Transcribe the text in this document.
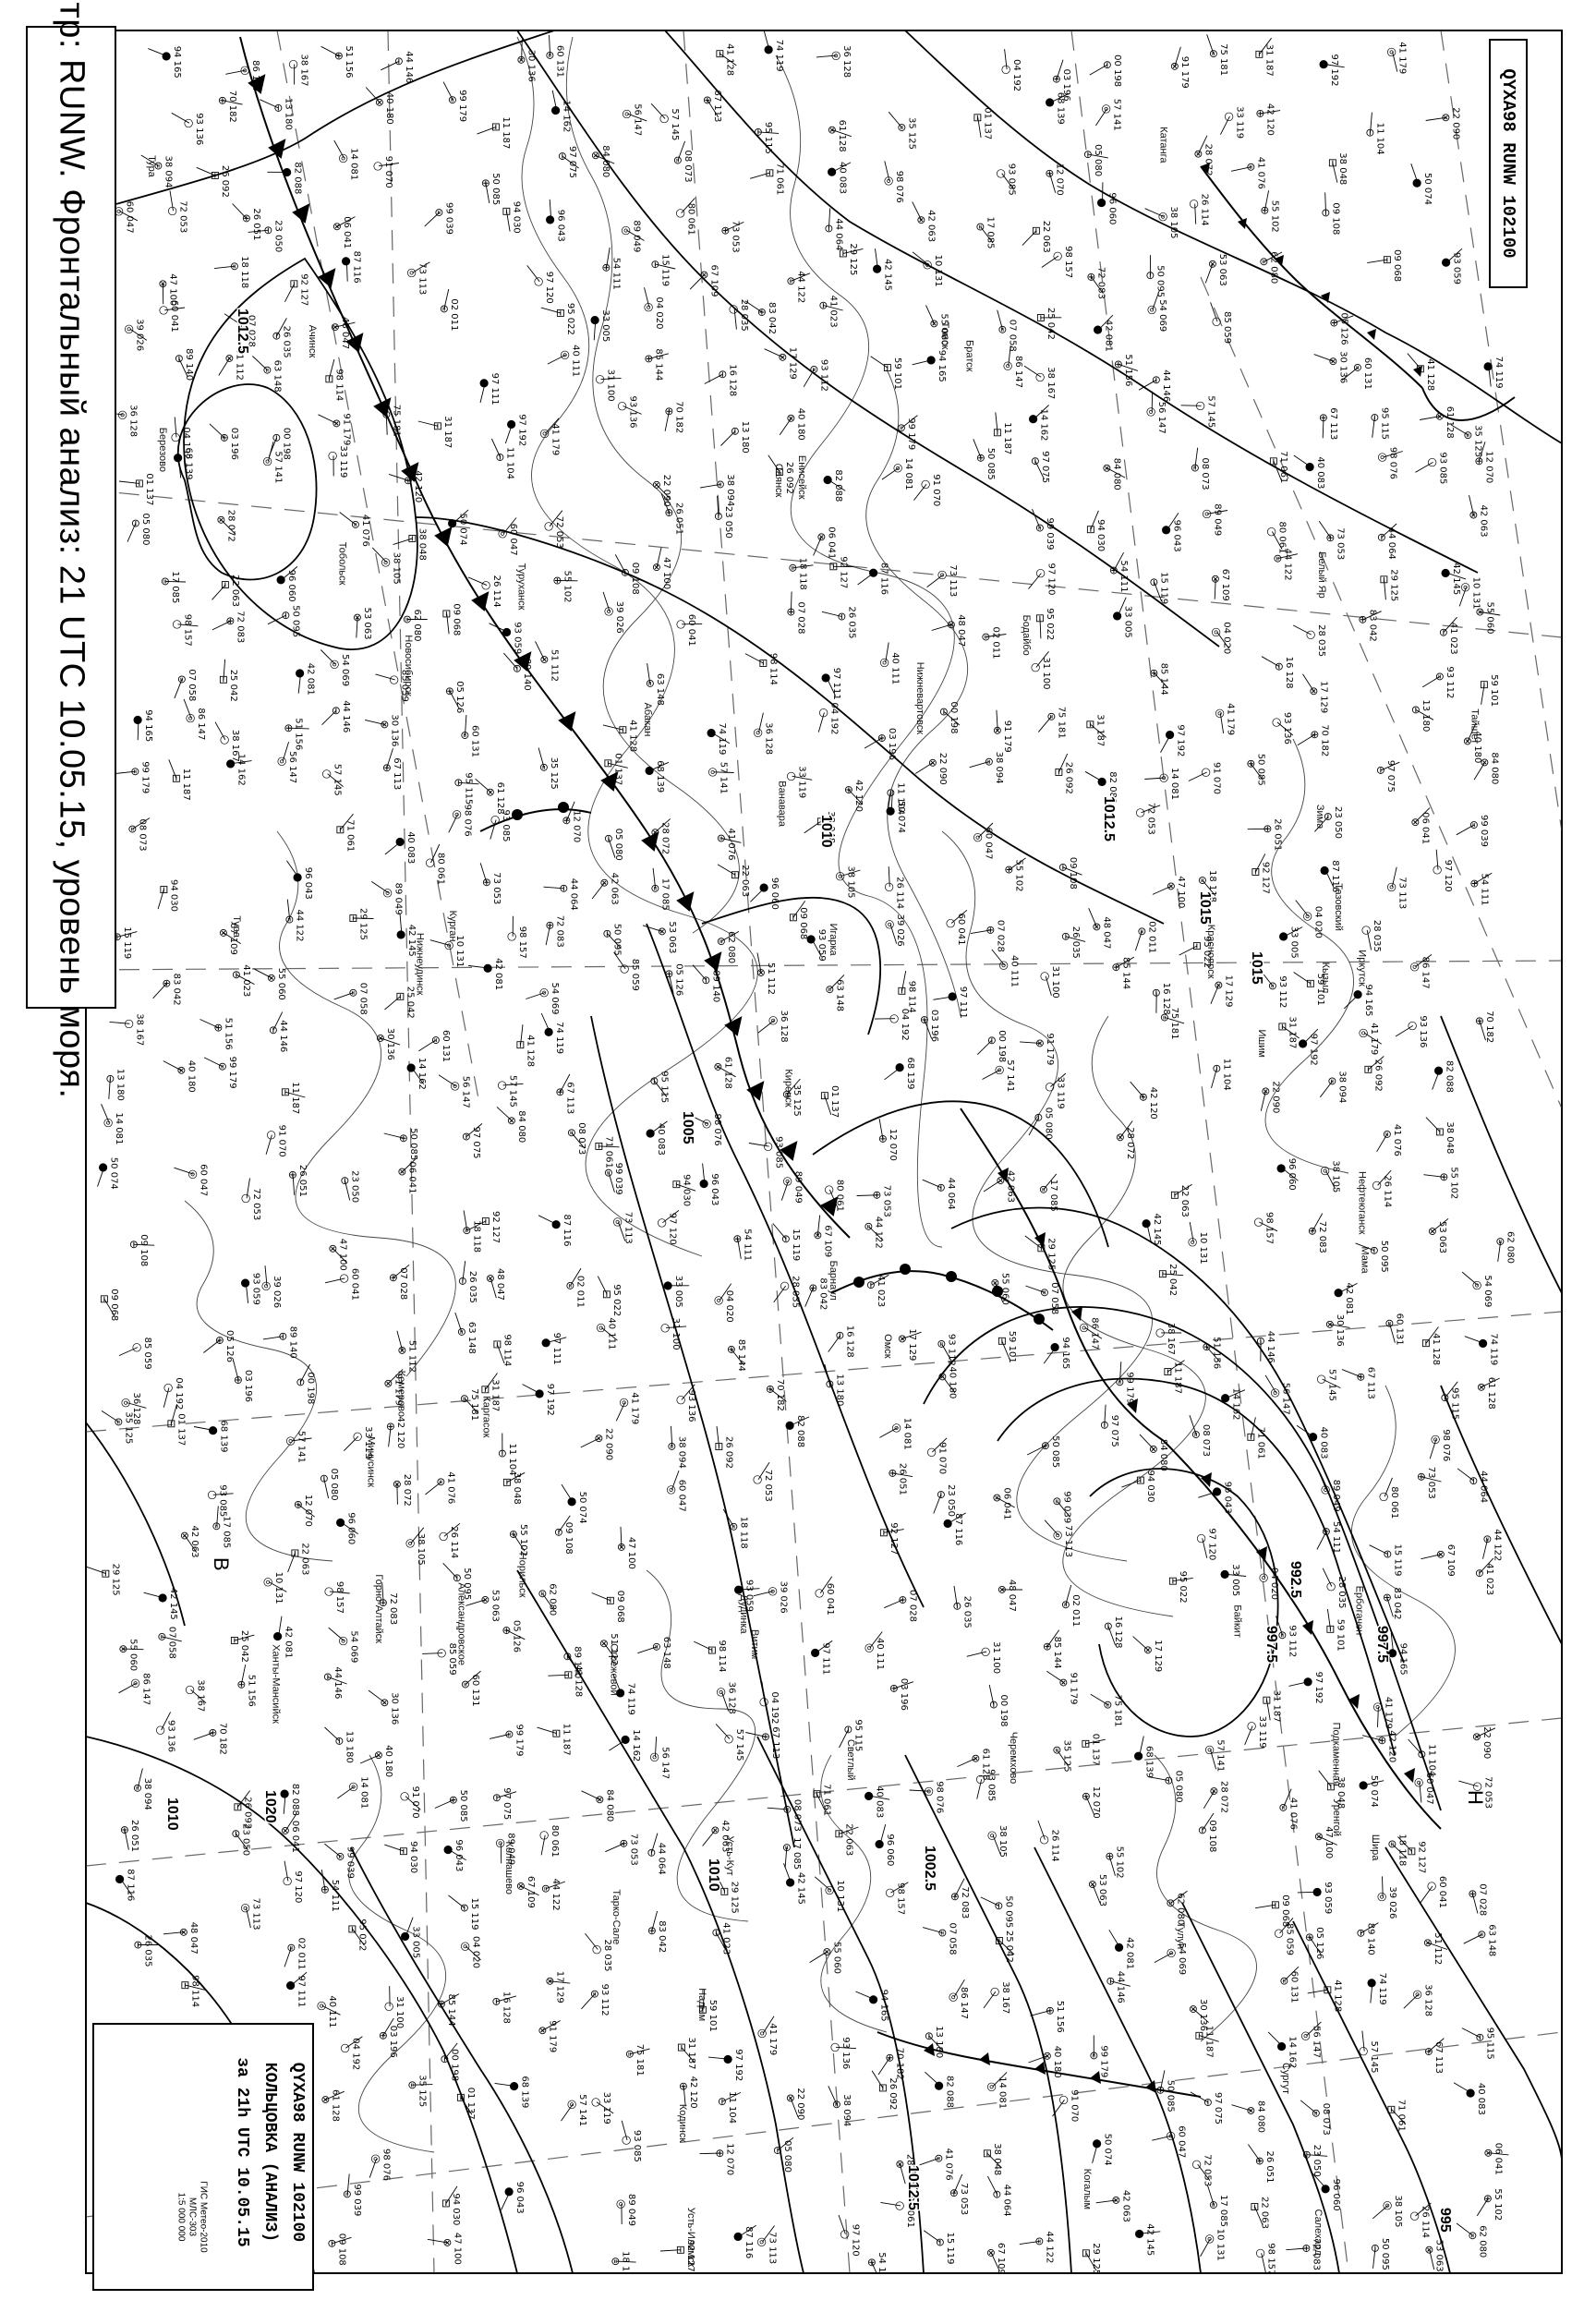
94 165
●
86 147
◎	38 167
○	51 156
⊕	44 146
⊖	30 136
⊗	60 131
⊜	41 128
⊟	74 119
●	36 128
◎
04 192
○	03 196
⊕	00 198
⊖	91 179
⊗	75 181
⊜	31 187
⊟	97 192
●	41 179
◎
93 136
○
70 182
⊕	13 180
⊖	40 180
⊗	99 179
⊜
11 187
⊟	14 162
●	56 147
◎	57 145
○	67 113
⊕
95 115
⊖	61 128
⊗	35 125
⊜	01 137
⊟	68 139
●	57 141
◎	33 119
○	42 120
⊕
11 104
⊖	22 090
⊗
38 094
⊜	26 092
⊟	82 088
●	14 081
◎	91 070
○
50 085
⊕
97 075
⊖	84 080
⊗	08 073
⊜
71 061
⊟	40 083
●	98 076
◎	93 085
○	12 070
⊕	05 080
⊖	28 072
⊗
41 076
⊜	38 048
⊟
50 074
●
60 047
◎	72 053
○	26 051
⊕
23 050
⊖	06 041
⊗	99 039
⊜	94 030
⊟	96 043
●
◎	80 061
○
73 053
⊕	44 064
⊖	42 063
⊗	17 085
⊜	22 063
⊟
96 060
●
38 105
◎	26 114
○	55 102
⊕	09 108
⊖
47 100
⊗	18 118
⊜
92 127
⊟
87 116
●
73 113
◎	97 120
○	54 111
⊕	15 119
⊖
67 109
⊗	44 122
⊜
29 125
⊟
42 145
●	10 131
◎	98 157
○
72 083
⊕	50 095
⊖	53 063
⊗	62 080
⊜	09 068
⊟	93 059
●
39 026
◎	60 041
○
07 028
⊕
26 035
⊖	48 047
⊗	02 011
⊜	95 022
⊟	33 005
●	04 020
◎	28 035
○	83 042
⊕	41 023
⊖
55 060
⊗	07 058
⊜	25 042
⊟
42 081
●	54 069
◎
85 059
○	05 126
⊕
89 140
⊖	51 112
⊗
63 148
⊜	98 114
⊟	97 111
●
40 111
◎
31 100
○	85 144
⊕
16 128
⊖	17 129
⊗
93 112
⊜	59 101
⊟	94 165
●	86 147
◎
38 167
○	51 156
⊕
44 146
⊖	30 136
⊗ 60 131
⊜	41 128
⊟	74 119
●
36 128
◎
04 192
○	03 196
⊕	00 198
⊖	91 179
⊗	75 181
⊜
31 187
⊟	97 192
●	41 179
◎
93 136
○	70 182
⊕
13 180
⊖	40 180
⊗	99 179
⊜	11 187
⊟	14 162
●	56 147
◎	57 145
○
67 113
⊕	95 115
⊖	61 128
⊗
35 125
⊜
01 137
⊟
68 139
●	57 141
◎	33 119
○
42 120
⊕
11 104
⊖
22 090
⊗	38 094
⊜	26 092
⊟
●	14 081
◎
91 070
○
50 085
⊕	97 075
⊖	84 080
⊗	08 073
⊜	71 061
⊟	40 083
●	98 076
◎	93 085
○	12 070
⊕
05 080
⊖	28 072
⊗	41 076
⊜
38 048
⊟	50 074
●	60 047
◎	72 053
○	26 051
⊕	23 050
⊖
06 041
⊗	99 039
⊜	94 030
⊟	96 043
●	89 049
◎
80 061
○	73 053
⊕	44 064
⊖
42 063
⊗
17 085
⊜	22 063
⊟	96 060
●	38 105
◎
26 114
○	55 102
⊕	09 108
⊖	47 100
⊗	18 118
⊜	92 127
⊟	87 116
●	73 113
◎	97 120
○	54 111
⊕
15 119
⊖	67 109
⊗	44 122
⊜
29 125
⊟	42 145
●
10 131
◎
98 157
○	72 083
⊕	50 095
⊖	53 063
⊗	62 080
⊜	09 068
⊟
93 059
●	39 026
◎
60 041
○	07 028
⊕	26 035
⊖	48 047
⊗
02 011
⊜	95 022
⊟	33 005
●
04 020
◎	28 035
○	83 042
⊕
41 023
⊖	55 060
⊗
07 058
⊜	25 042
⊟	42 081
●	54 069
◎
85 059
○
05 126
⊕
89 140
⊖	51 112
⊗
63 148
⊜	98 114
⊟
97 111
●	40 111
◎	31 100
○	85 144
⊕	16 128
⊖
17 129
⊗	93 112
⊜	59 101
⊟
94 165
●	86 147
◎
38 167
○	51 156
⊕	44 146
⊖
30 136
⊗
60 131
⊜	41 128
⊟	●	36 128
◎	04 192
○
03 196
⊕
00 198
⊖
91 179
⊗	75 181
⊜	31 187
⊟
97 192
●	41 179
◎	93 136
○
70 182
⊕
⊖
40 180
⊗
99 179
⊜	11 187
⊟	14 162
●	56 147
◎
57 145
○	67 113
⊕
95 115
⊖	61 128
⊗
35 125
⊜	01 137
⊟	68 139
●	57 141
◎	33 119
○
42 120
⊕	11 104
⊖
22 090
⊗	38 094
⊜
26 092
⊟	82 088
●	14 081
◎	91 070
○	50 085
⊕	97 075
⊖	84 080
⊗
08 073
⊜	71 061
⊟
40 083
●
98 076
◎	93 085
○	12 070
⊕
05 080
⊖	28 072
⊗	41 076
⊜	38 048
⊟	50 074
●
60 047
◎
72 053
○
26 051
⊕	23 050
⊖	06 041
⊗	99 039
⊜
94 030
⊟	96 043
●
89 049
◎
80 061
○
73 053
⊕	44 064
⊖	42 063
⊗	17 085
⊜	22 063
⊟
96 060
●	38 105
◎
26 114
○	55 102
⊕	09 108
⊖
47 100
⊗	18 118
⊜	92 127
⊟	87 116
●
73 113
◎	97 120
○
54 111
⊕
15 119
⊖	⊗	44 122
⊜	29 125
⊟
42 145
●
10 131
◎	98 157
○	72 083
⊕	50 095
⊖	53 063
⊗	62 080
⊜
09 068
⊟
93 059
●	39 026
◎	60 041
○	07 028
⊕	26 035
⊖	48 047
⊗	02 011
⊜
95 022
⊟	33 005
● 04 020
◎
28 035
○
83 042
⊕	41 023
⊖	55 060
⊗
07 058
⊜	25 042
⊟
42 081
●
54 069
◎
85 059
○	05 126
⊕	89 140
⊖	51 112
⊗
63 148
⊜	98 114
⊟	97 111
●
40 111
◎
31 100
○	85 144
⊕
16 128
⊖	17 129
⊗	93 112
⊜	59 101
⊟
94 165
●
86 147
◎
38 167
○	51 156
⊕	44 146
⊖	30 136
⊗	60 131
⊜	41 128
⊟	74 119
●	36 128
◎	04 192
○	03 196
⊕
00 198
⊖	91 179
⊗
75 181
⊜	31 187
⊟
97 192
●
◎	93 136
○	70 182
⊕
13 180
⊖	40 180
⊗	99 179
⊜
11 187
⊟
14 162
●
56 147
◎	57 145
○	67 113
⊕	95 115
⊖
⊗
35 125
⊜	01 137
⊟
68 139
●	57 141
◎
33 119
○	42 120
⊕
11 104
⊖
22 090
⊗	38 094
⊜	26 092
⊟	82 088
●
14 081
◎
91 070
○	50 085
⊕	97 075
⊖	84 080
⊗
08 073
⊜
71 061
⊟	40 083
●	98 076
◎
93 085
○	12 070
⊕	05 080
⊖
28 072
⊗	41 076
⊜	38 048
⊟
50 074
●	60 047
◎
72 053
○
26 051
⊕	23 050
⊖	06 041
⊗	99 039
⊜
94 030
⊟	96 043
●	89 049
◎	80 061
○	73 053
⊕	44 064
⊖	42 063
⊗	17 085
⊜	22 063
⊟
96 060
●	38 105
◎
26 114
○	55 102
⊕
09 108
⊖	47 100
⊗	18 118
⊜ 92 127
⊟	87 116
●	73 113
◎	97 120
○
54 111
⊕	15 119
⊖	67 109
⊗	44 122
⊜
29 125
⊟
42 145
●
10 131
◎	98 157
○	72 083
⊕
50 095
⊖	53 063
⊗	62 080
⊜
09 068
⊟	93 059
● 39 026
◎	60 041
○	07 028
⊕	26 035
⊖	48 047
⊗	02 011
⊜	95 022
⊟	33 005
●
04 020
◎	28 035
○	83 042
⊕	41 023
⊖	55 060
⊗	07 058
⊜	25 042
⊟
42 081
●	54 069
◎
85 059
○	05 126
⊕	89 140
⊖
51 112
⊗	63 148
⊜
98 114
⊟	97 111
●	40 111
◎	31 100
○
85 144
⊕	16 128
⊖	17 129
⊗	93 112
⊜	59 101
⊟	94 165
●
◎	38 167
○
51 156
⊕	44 146
⊖	30 136
⊗	60 131
⊜
41 128
⊟	74 119
●
36 128
◎	04 192
○	03 196
⊕	00 198
⊖	91 179
⊗
75 181
⊜ 31 187
⊟	97 192
●	41 179
◎	93 136
○	70 182
⊕	13 180
⊖	40 180
⊗	99 179
⊜	11 187
⊟
14 162
●	56 147
◎	57 145
○	67 113
⊕
95 115
⊖	61 128
⊗
35 125
⊜	01 137
⊟	68 139
●
57 141
◎	33 119
○	42 120
⊕
11 104
⊖	22 090
⊗	38 094
⊜	26 092
⊟	82 088
●	14 081
◎
91 070
○	50 085
⊕	97 075
⊖
84 080
⊗	08 073
⊜	71 061
⊟	40 083
●	98 076
◎
93 085
○	12 070
⊕
05 080
⊖	28 072
⊗	41 076
⊜	38 048
⊟
50 074
●	60 047
◎	72 053
○	26 051
⊕
23 050
⊖	06 041
⊗	99 039
⊜	94 030
⊟
96 043
●	89 049
◎	80 061
○	73 053
⊕	44 064
⊖
42 063
⊗	17 085
⊜
22 063
⊟
96 060
●
38 105
◎	26 114
○	55 102
⊕	09 108
⊖
47 100
⊗	18 118
⊜	92 127
⊟	87 116
●
73 113
◎	97 120
○	54 111
⊕
15 119
⊖	67 109
⊗	44 122
⊜
29 125
⊟
42 145
●	10 131
◎	98 157
○
72 083
⊕
50 095
⊖
53 063
⊗	62 080
⊜	09 068
⊟	93 059
●	39 026
◎	60 041
○	07 028
⊕	26 035
⊖	48 047
⊗
02 011
⊜
95 022
⊟	33 005
●	04 020
◎	28 035
○
83 042
⊕
41 023
⊖
55 060
⊗	07 058
⊜	25 042
⊟	42 081
●	54 069
◎
85 059
○
05 126
⊕
89 140
⊖	51 112
⊗	63 148
⊜	98 114
⊟	97 111
●	40 111
◎	31 100
○	85 144
⊕	16 128
⊖
17 129
⊗	93 112
⊜	59 101
⊟
94 165
●
86 147
◎	38 167
○	51 156
⊕	44 146
⊖
30 136
⊗	60 131
⊜	41 128
⊟
74 119
●	36 128
◎	04 192
○	03 196
⊕
00 198
⊖
91 179
⊗
75 181
⊜	31 187
⊟	97 192
●
41 179
◎
93 136
○	70 182
⊕	13 180
⊖
40 180
⊗	99 179
⊜	11 187
⊟	14 162
●
56 147
◎	57 145
○	67 113
⊕	95 115
⊖
61 128
⊗	35 125
⊜	01 137
⊟
68 139
●	57 141
◎
33 119
○
42 120
⊕
11 104
⊖	22 090
⊗
38 094
⊜
26 092
⊟	82 088
●	14 081
◎	91 070
○	50 085
⊕	97 075
⊖	84 080
⊗	08 073
⊜	71 061
⊟	40 083
●	98 076
◎	93 085
○
12 070
⊕	05 080
⊖
28 072
⊗
41 076
⊜	38 048
⊟	50 074
●	60 047
◎	72 053
○
26 051
⊕	23 050
⊖	06 041
⊗
99 039
⊜	94 030
⊟	●	89 049
◎	80 061
○	73 053
⊕	44 064
⊖
42 063
⊗
17 085
⊜	22 063
⊟
96 060
●	38 105
◎	26 114
○
55 102
⊕
09 108
⊖	47 100
⊗	18 118
⊜ 92 127
⊟
87 116
●
73 113
◎
97 120
○	54 111
⊕
15 119
⊖	67 109
⊗	44 122
⊜	29 125
⊟	42 145
●	10 131
◎	98 157
○	72 083
⊕	50 095
⊖	53 063
⊗
62 080
⊜	09 068
⊟	93 059
●	39 026
◎	60 041
○	07 028
⊕
26 035
⊖	48 047
⊗
02 011
⊜	95 022
⊟	33 005
●	04 020
◎	28 035
○	83 042
⊕	41 023
⊖
55 060
⊗	07 058
⊜	25 042
⊟	42 081
●	54 069
◎	85 059
○	05 126
⊕	89 140
⊖	51 112
⊗	63 148
⊜
98 114
⊟	97 111
●
40 111
◎	31 100
○	85 144
⊕	16 128
⊖	17 129
⊗
93 112
⊜
59 101
⊟	94 165
●	86 147
◎	38 167
○
51 156
⊕
44 146
⊖
30 136
⊗
60 131
⊜	41 128
⊟	74 119
●
36 128
◎
04 192
○	03 196
⊕
00 198
⊖
91 179
⊗
75 181
⊜	31 187
⊟
97 192
●
41 179
◎
93 136
○
70 182
⊕	13 180
⊖
40 180
⊗	99 179
⊜	11 187
⊟
14 162
● 56 147
◎
57 145
○	67 113
⊕	95 115
⊖
61 128
⊗	35 125
⊜
01 137
⊟	68 139
●
57 141
◎ 33 119
○	42 120
⊕
11 104
⊖	22 090
⊗	38 094
⊜	26 092
⊟	82 088
●	14 081
◎
91 070
○	50 085
⊕
97 075
⊖	84 080
⊗	08 073
⊜	71 061
⊟	40 083
●
98 076
◎	93 085
○
12 070
⊕	05 080
⊖
28 072
⊗	41 076
⊜	38 048
⊟	50 074
●	60 047
◎
72 053
○	26 051
⊕	23 050
⊖	06 041
⊗
99 039
⊜	94 030
⊟	96 043
●
89 049
◎	80 061
○	73 053
⊕	44 064
⊖	42 063
⊗	17 085
⊜	22 063
⊟	96 060
●
38 105
◎
26 114
○	55 102
⊕
09 108
⊖	47 100
⊗
18 118
⊜	92 127
⊟	87 116
● 73 113
◎	97 120
○
54 111
⊕	15 119
⊖
67 109
⊗	44 122
⊜
29 125
⊟	42 145
●	10 131
◎
98 157
○	72 083
⊕	50 095
⊖	53 063
⊗	62 080
⊜
1012.5
1010	1012.5
1015
1005
1002.5
997.5
995
992.5
1010
1012.5
1010
1012.5
1020
1015
997.5
Тазовский
Когалым
Сургут
Нефтеюганск
Ханты-Мансийск
Тобольск
Ишим
Курган
Омск
Новосибирск
Барнаул
Горно-Алтайск
Кемерово
Томск
Красноярск
Ачинск
Абакан
Кызыл Иркутск
Братск
Нижнеудинск
Тайшет
Енисейск
Туруханск
Игарка
Норильск
Дудинка
Ванавара
Тура
Усть-Илимск
Киренск
Бодайбо
Подкаменная
Байкит
Витим
Александровское
Каргасок
Колпашево
Белый Яр
Стрежевой
Нижневартовск
Тарко-Сале
Уренгой
Надым
Салехард
Березово
Светлый
Тура
Ербогачен
Мама
Катанга
Черемхово
Зима
Тулун
Усть-Кут
Кодинск
Саянск
Шира
Минусинск
В
Н
Центр: RUNW. Фронтальный анализ: 21 UTC 10.05.15, уровень моря.	QYXA98 RUNW 102100
QYXA98 RUNW 102100
КОЛЬЦОВКА (АНАЛИЗ)
за 21h UTC 10.05.15
ГИС Метео-2010
МЛС-303
1:5 000 000
